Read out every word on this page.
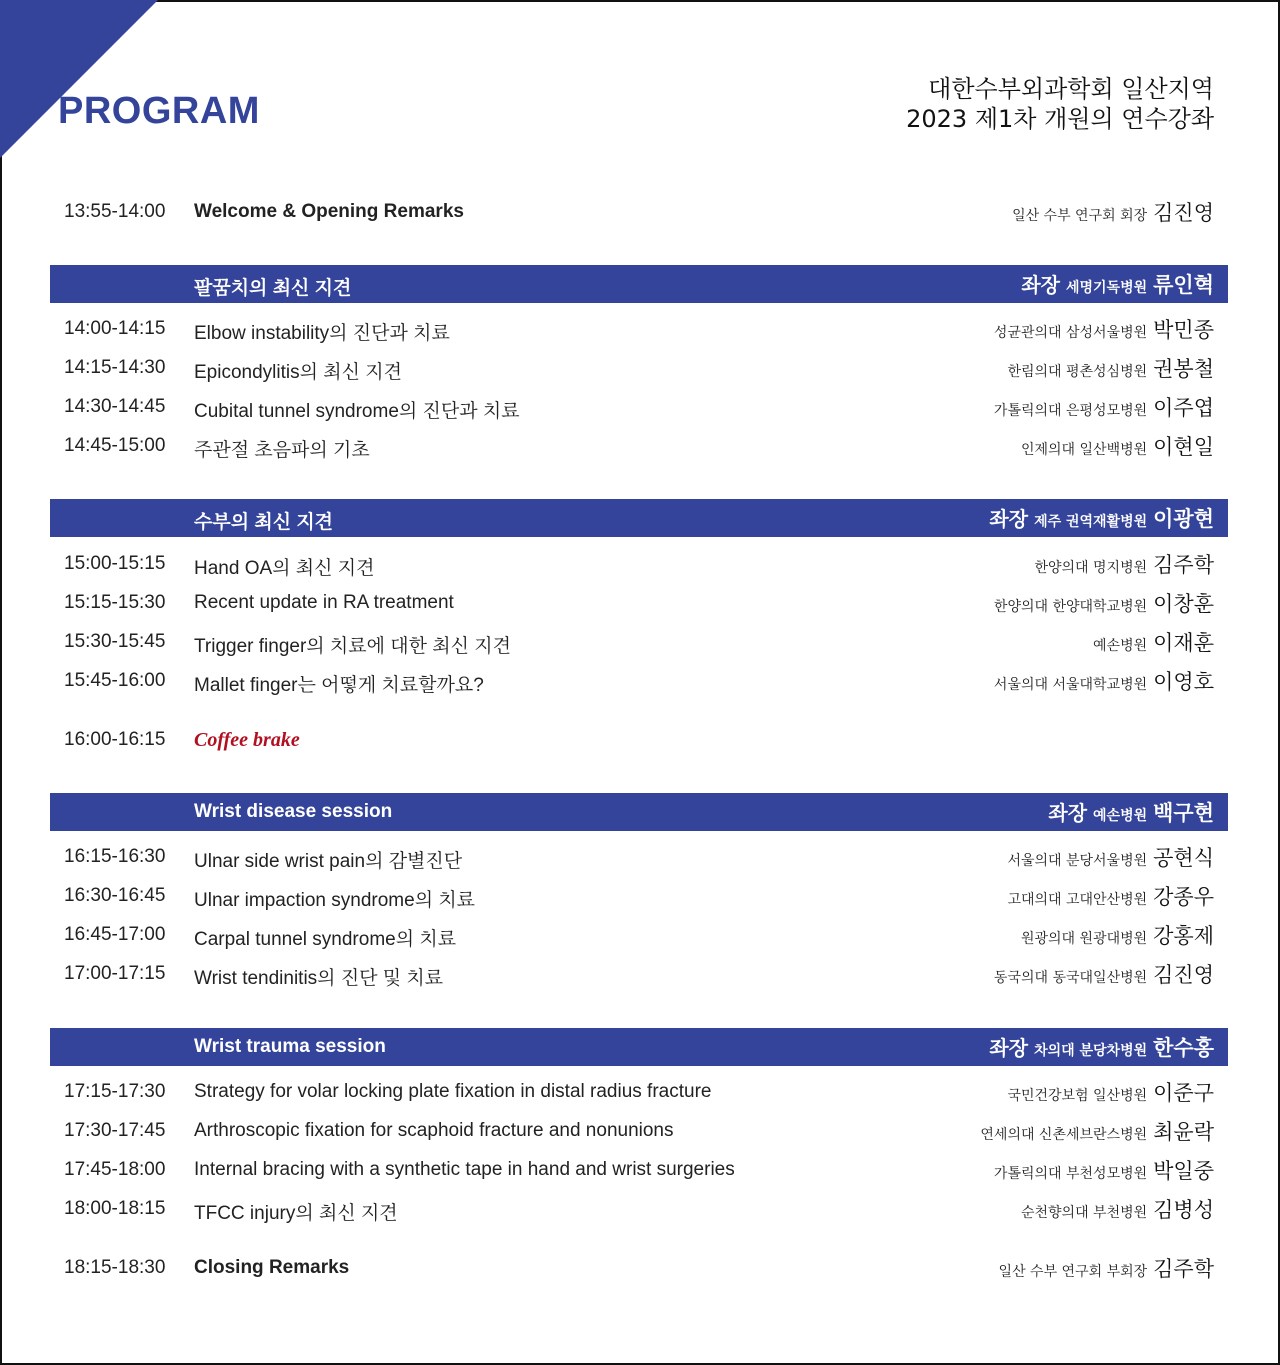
PROGRAM
대한수부외과학회 일산지역
2023 제1차 개원의 연수강좌
13:55-14:00 Welcome & Opening Remarks	일산 수부 연구회 회장 김진영
팔꿈치의 최신 지견	좌장 세명기독병원 류인혁
14:00-14:15 Elbow instability의 진단과 치료	성균관의대 삼성서울병원 박민종
14:15-14:30 Epicondylitis의 최신 지견	한림의대 평촌성심병원 권봉철
14:30-14:45 Cubital tunnel syndrome의 진단과 치료	가톨릭의대 은평성모병원 이주엽
14:45-15:00 주관절 초음파의 기초	인제의대 일산백병원 이현일
수부의 최신 지견	좌장 제주 권역재활병원 이광현
15:00-15:15 Hand OA의 최신 지견	한양의대 명지병원 김주학
15:15-15:30 Recent update in RA treatment	한양의대 한양대학교병원 이창훈
15:30-15:45 Trigger finger의 치료에 대한 최신 지견	예손병원 이재훈
15:45-16:00 Mallet finger는 어떻게 치료할까요?	서울의대 서울대학교병원 이영호
16:00-16:15 Coffee brake
Wrist disease session	좌장 예손병원 백구현
16:15-16:30 Ulnar side wrist pain의 감별진단	서울의대 분당서울병원 공현식
16:30-16:45 Ulnar impaction syndrome의 치료	고대의대 고대안산병원 강종우
16:45-17:00 Carpal tunnel syndrome의 치료	원광의대 원광대병원 강홍제
17:00-17:15 Wrist tendinitis의 진단 및 치료	동국의대 동국대일산병원 김진영
Wrist trauma session	좌장 차의대 분당차병원 한수홍
17:15-17:30 Strategy for volar locking plate fixation in distal radius fracture	국민건강보험 일산병원 이준구
17:30-17:45 Arthroscopic fixation for scaphoid fracture and nonunions	연세의대 신촌세브란스병원 최윤락
17:45-18:00 Internal bracing with a synthetic tape in hand and wrist surgeries	가톨릭의대 부천성모병원 박일중
18:00-18:15 TFCC injury의 최신 지견	순천향의대 부천병원 김병성
18:15-18:30 Closing Remarks	일산 수부 연구회 부회장 김주학
